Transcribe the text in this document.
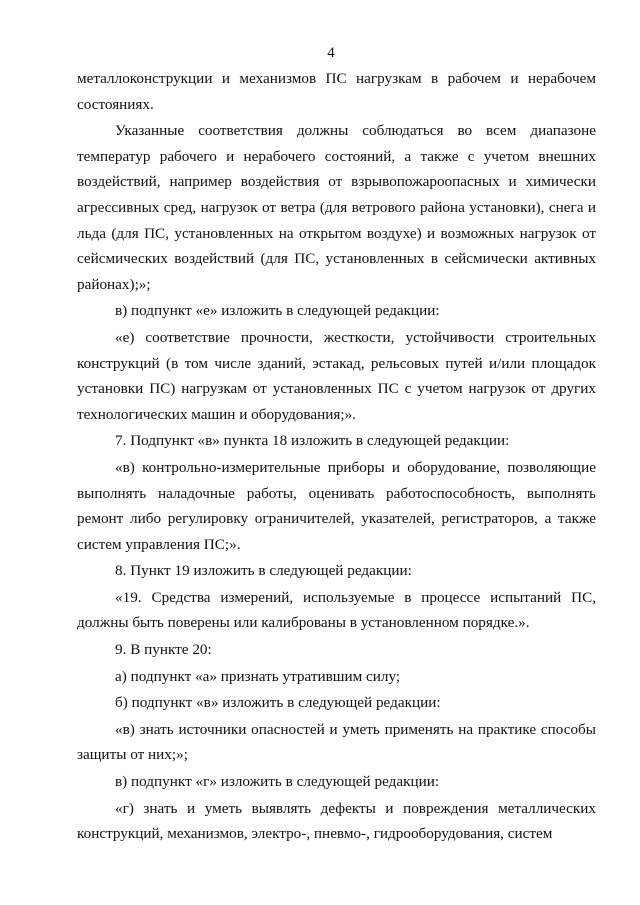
4

металлоконструкции и механизмов ПС нагрузкам в рабочем и нерабочем состояниях.

Указанные соответствия должны соблюдаться во всем диапазоне температур рабочего и нерабочего состояний, а также с учетом внешних воздействий, например воздействия от взрывопожароопасных и химически агрессивных сред, нагрузок от ветра (для ветрового района установки), снега и льда (для ПС, установленных на открытом воздухе) и возможных нагрузок от сейсмических воздействий (для ПС, установленных в сейсмически активных районах);»;

в) подпункт «е» изложить в следующей редакции:

«е) соответствие прочности, жесткости, устойчивости строительных конструкций (в том числе зданий, эстакад, рельсовых путей и/или площадок установки ПС) нагрузкам от установленных ПС с учетом нагрузок от других технологических машин и оборудования;».

7. Подпункт «в» пункта 18 изложить в следующей редакции:

«в) контрольно-измерительные приборы и оборудование, позволяющие выполнять наладочные работы, оценивать работоспособность, выполнять ремонт либо регулировку ограничителей, указателей, регистраторов, а также систем управления ПС;».

8. Пункт 19 изложить в следующей редакции:

«19. Средства измерений, используемые в процессе испытаний ПС, должны быть поверены или калиброваны в установленном порядке.».

9. В пункте 20:

а) подпункт «а» признать утратившим силу;

б) подпункт «в» изложить в следующей редакции:

«в) знать источники опасностей и уметь применять на практике способы защиты от них;»;

в) подпункт «г» изложить в следующей редакции:

«г) знать и уметь выявлять дефекты и повреждения металлических конструкций, механизмов, электро-, пневмо-, гидрооборудования, систем
